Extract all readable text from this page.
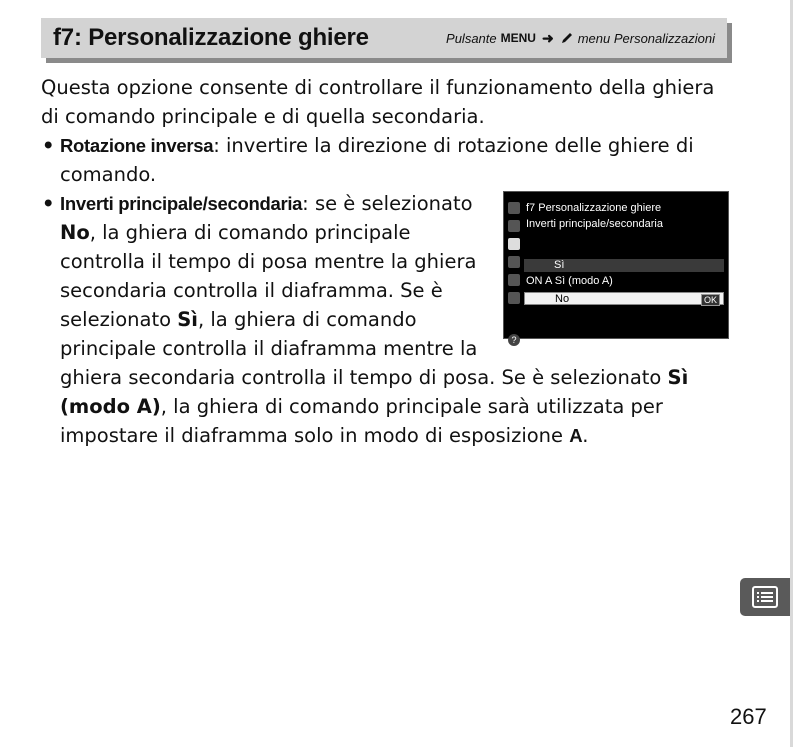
f7: Personalizzazione ghiere	Pulsante MENU ➜ menu Personalizzazioni

Questa opzione consente di controllare il funzionamento della ghiera di comando principale e di quella secondaria.

• Rotazione inversa: invertire la direzione di rotazione delle ghiere di comando.
•
?
f7 Personalizzazione ghiere
Inverti principale/secondaria
Sì
ON A Sì (modo A)
No	OK
Inverti principale/secondaria: se è selezionato No, la ghiera di comando principale controlla il tempo di posa mentre la ghiera secondaria controlla il diaframma. Se è selezionato Sì, la ghiera di comando principale controlla il diaframma mentre la ghiera secondaria controlla il tempo di posa. Se è selezionato Sì (modo A), la ghiera di comando principale sarà utilizzata per impostare il diaframma solo in modo di esposizione A.
267
